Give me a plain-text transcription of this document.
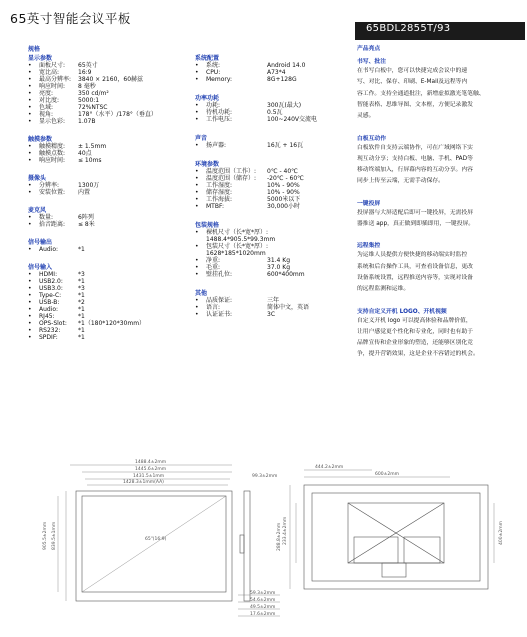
65英寸智能会议平板
65BDL2855T/93
规格
显示参数
• 面板尺寸: 65英寸
• 宽比高:	16:9
• 最高分辨率: 3840 × 2160，60赫兹
• 响应时间: 8 毫秒
• 亮度:	350 cd/m²
• 对比度:	5000:1
• 色域:	72%NTSC
• 视角:	178°（水平）/178°（垂直）
• 显示色彩: 1.07B
触摸参数
• 触摸精度: ± 1.5mm
• 触摸点数: 40点
• 响应时间: ≤ 10ms
摄像头
• 分辨率:	1300万
• 安装位置: 内置
麦克风
• 数量:	6阵列
• 拾音距离: ≤ 8米
信号输出
• Audio:	*1
信号输入
• HDMI:	*3
• USB2.0:	*1
• USB3.0:	*3
• Type-C:	*1
• USB-B:	*2
• Audio:	*1
• RJ45:	*1
• OPS-Slot: *1（180*120*30mm）
• RS232:	*1
• SPDIF:	*1
系统配置
• 系统:	Android 14.0
• CPU:	A73*4
• Memory:	8G+128G
功率功耗
• 功耗:	300瓦(最大)
• 待机功耗:	0.5瓦
• 工作电压:	100~240V交流电
声音
• 扬声器:	16瓦 + 16瓦
环境参数
• 温度范围（工作）: 0℃ - 40℃
• 温度范围（储存）: -20℃ - 60℃
• 工作湿度:	10% - 90%
• 储存湿度:	10% - 90%
• 工作海拔:	5000米以下
• MTBF:	30,000小时
包装规格
• 裸机尺寸（长*宽*厚）:
1488.4*905.5*99.3mm
• 包装尺寸（长*宽*厚）:
1628*185*1020mm
• 净重:	31.4 Kg
• 毛重:	37.0 Kg
• 壁挂孔位:	600*400mm
其他
• 品质保证:	三年
• 语言:	简体中文，英语
• 认证证书:	3C
产品亮点
书写、批注
在书写白板中，您可以快捷完成会议中的速
写、对比、保存、印刷、E-Mail及远程等内
容工作。支持全通道批注，新增虚拟激光笔笔触、
智能表格、思维导图、文本框，方便记录激发
灵感。
白板互动作
白板软件自支持云端协作，可在广域网络下实
现互动分享；支持白板、电脑、手机、PAD等
移动终端加入，行屏幕内容的互动分享。内容
同步上传至云端，无需手动保存。
一键投屏
投屏器与大屏适配后即可一键投屏，无需投屏
器推送 app，真正做到即插即用，一键投屏。
远程集控
为运维人员提供方便快捷的移动端实时监控
系统和后台操作工具，可查看设备信息，更改
设备系统设置，远程推送内容等，实现对设备
的远程监测和运维。
支持自定义开机 LOGO、开机视频
自定义开机 logo 可以提高体验和品牌价值，
让用户感觉更个性化和专业化，同时也有助于
品牌宣传和企业形象的塑造，还能够区别化竞
争，提升营销效果，这是企业不容错过的机会。
1488.4±2mm
1445.6±2mm
1431.5±1mm
1428.3±1mm(AA)
65"(16:9)
905.5±2mm 839.5±1mm
99.3±2mm
59.3±2mm
54.6±2mm
49.5±2mm
17.6±2mm
444.2±2mm
600±2mm
400±2mm
233.4±2mm
288.8±2mm
